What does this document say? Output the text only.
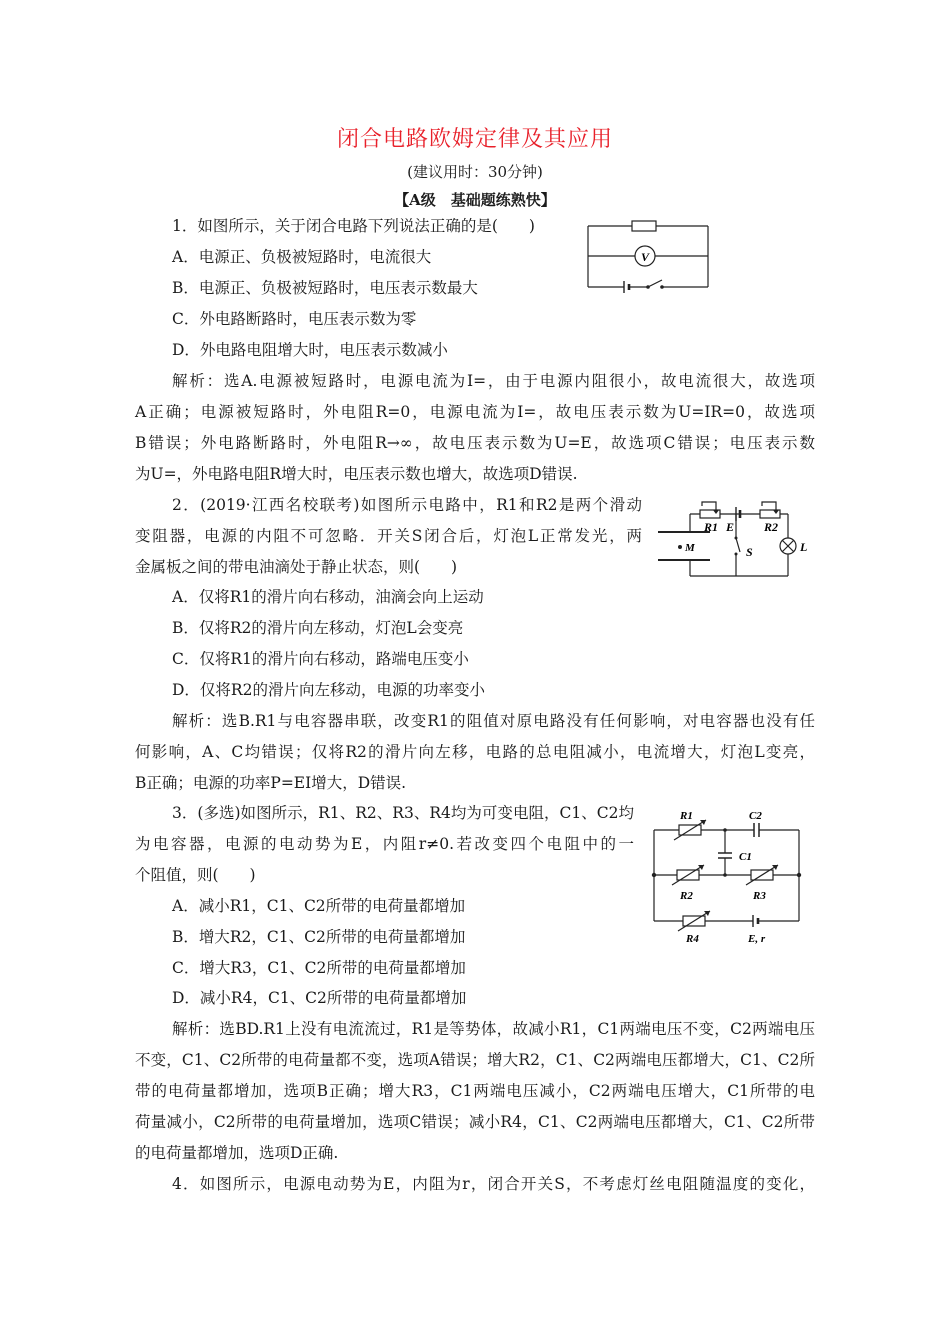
闭合电路欧姆定律及其应用
(建议用时：30分钟)
【A级　基础题练熟快】
1．如图所示，关于闭合电路下列说法正确的是(　　)
A．电源正、负极被短路时，电流很大
B．电源正、负极被短路时，电压表示数最大
C．外电路断路时，电压表示数为零
D．外电路电阻增大时，电压表示数减小
解析：选A.电源被短路时，电源电流为I=，由于电源内阻很小，故电流很大，故选项
A正确；电源被短路时，外电阻R=0，电源电流为I=，故电压表示数为U=IR=0，故选项
B错误；外电路断路时，外电阻R→∞，故电压表示数为U=E，故选项C错误；电压表示数
为U=，外电路电阻R增大时，电压表示数也增大，故选项D错误.
V
2．(2019·江西名校联考)如图所示电路中，R1和R2是两个滑动
变阻器，电源的内阻不可忽略．开关S闭合后，灯泡L正常发光，两
金属板之间的带电油滴处于静止状态，则(　　)
A．仅将R1的滑片向右移动，油滴会向上运动
B．仅将R2的滑片向左移动，灯泡L会变亮
C．仅将R1的滑片向右移动，路端电压变小
D．仅将R2的滑片向左移动，电源的功率变小
解析：选B.R1与电容器串联，改变R1的阻值对原电路没有任何影响，对电容器也没有任
何影响，A、C均错误；仅将R2的滑片向左移，电路的总电阻减小，电流增大，灯泡L变亮，
B正确；电源的功率P=EI增大，D错误.
R1 E R2
S	L
M
3．(多选)如图所示，R1、R2、R3、R4均为可变电阻，C1、C2均
为电容器，电源的电动势为E，内阻r≠0.若改变四个电阻中的一
个阻值，则(　　)
A．减小R1，C1、C2所带的电荷量都增加
B．增大R2，C1、C2所带的电荷量都增加
C．增大R3，C1、C2所带的电荷量都增加
D．减小R4，C1、C2所带的电荷量都增加
解析：选BD.R1上没有电流流过，R1是等势体，故减小R1，C1两端电压不变，C2两端电压
不变，C1、C2所带的电荷量都不变，选项A错误；增大R2，C1、C2两端电压都增大，C1、C2所
带的电荷量都增加，选项B正确；增大R3，C1两端电压减小，C2两端电压增大，C1所带的电
荷量减小，C2所带的电荷量增加，选项C错误；减小R4，C1、C2两端电压都增大，C1、C2所带
的电荷量都增加，选项D正确.
R1	C2
C1
R2	R3
R4	E, r
4．如图所示，电源电动势为E，内阻为r，闭合开关S，不考虑灯丝电阻随温度的变化，
